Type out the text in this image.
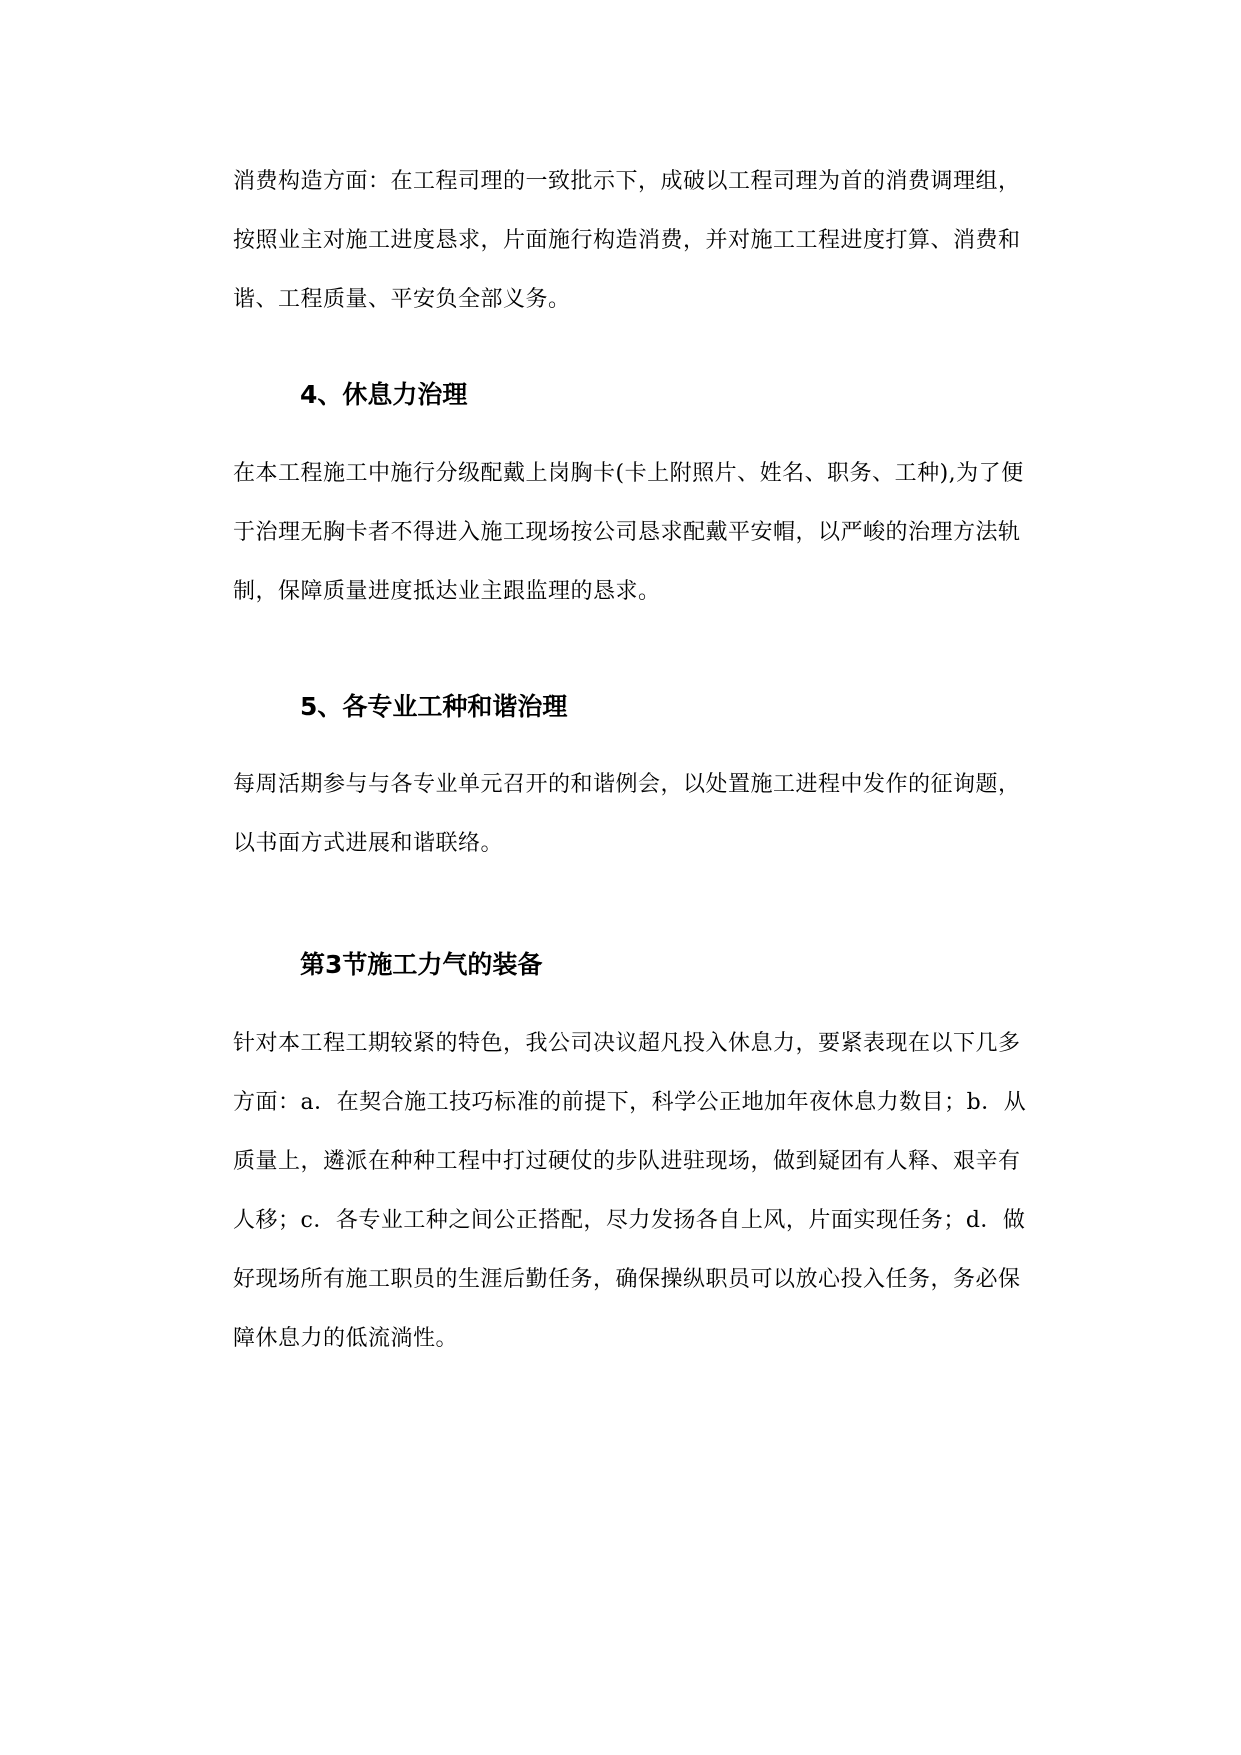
消费构造方面：在工程司理的一致批示下，成破以工程司理为首的消费调理组，
按照业主对施工进度恳求，片面施行构造消费，并对施工工程进度打算、消费和
谐、工程质量、平安负全部义务。
4、休息力治理
在本工程施工中施行分级配戴上岗胸卡(卡上附照片、姓名、职务、工种),为了便
于治理无胸卡者不得进入施工现场按公司恳求配戴平安帽，以严峻的治理方法轨
制，保障质量进度抵达业主跟监理的恳求。
5、各专业工种和谐治理
每周活期参与与各专业单元召开的和谐例会，以处置施工进程中发作的征询题，
以书面方式进展和谐联络。
第3节施工力气的装备
针对本工程工期较紧的特色，我公司决议超凡投入休息力，要紧表现在以下几多
方面：a．在契合施工技巧标准的前提下，科学公正地加年夜休息力数目；b．从
质量上，遴派在种种工程中打过硬仗的步队进驻现场，做到疑团有人释、艰辛有
人移；c．各专业工种之间公正搭配，尽力发扬各自上风，片面实现任务；d．做
好现场所有施工职员的生涯后勤任务，确保操纵职员可以放心投入任务，务必保
障休息力的低流淌性。
